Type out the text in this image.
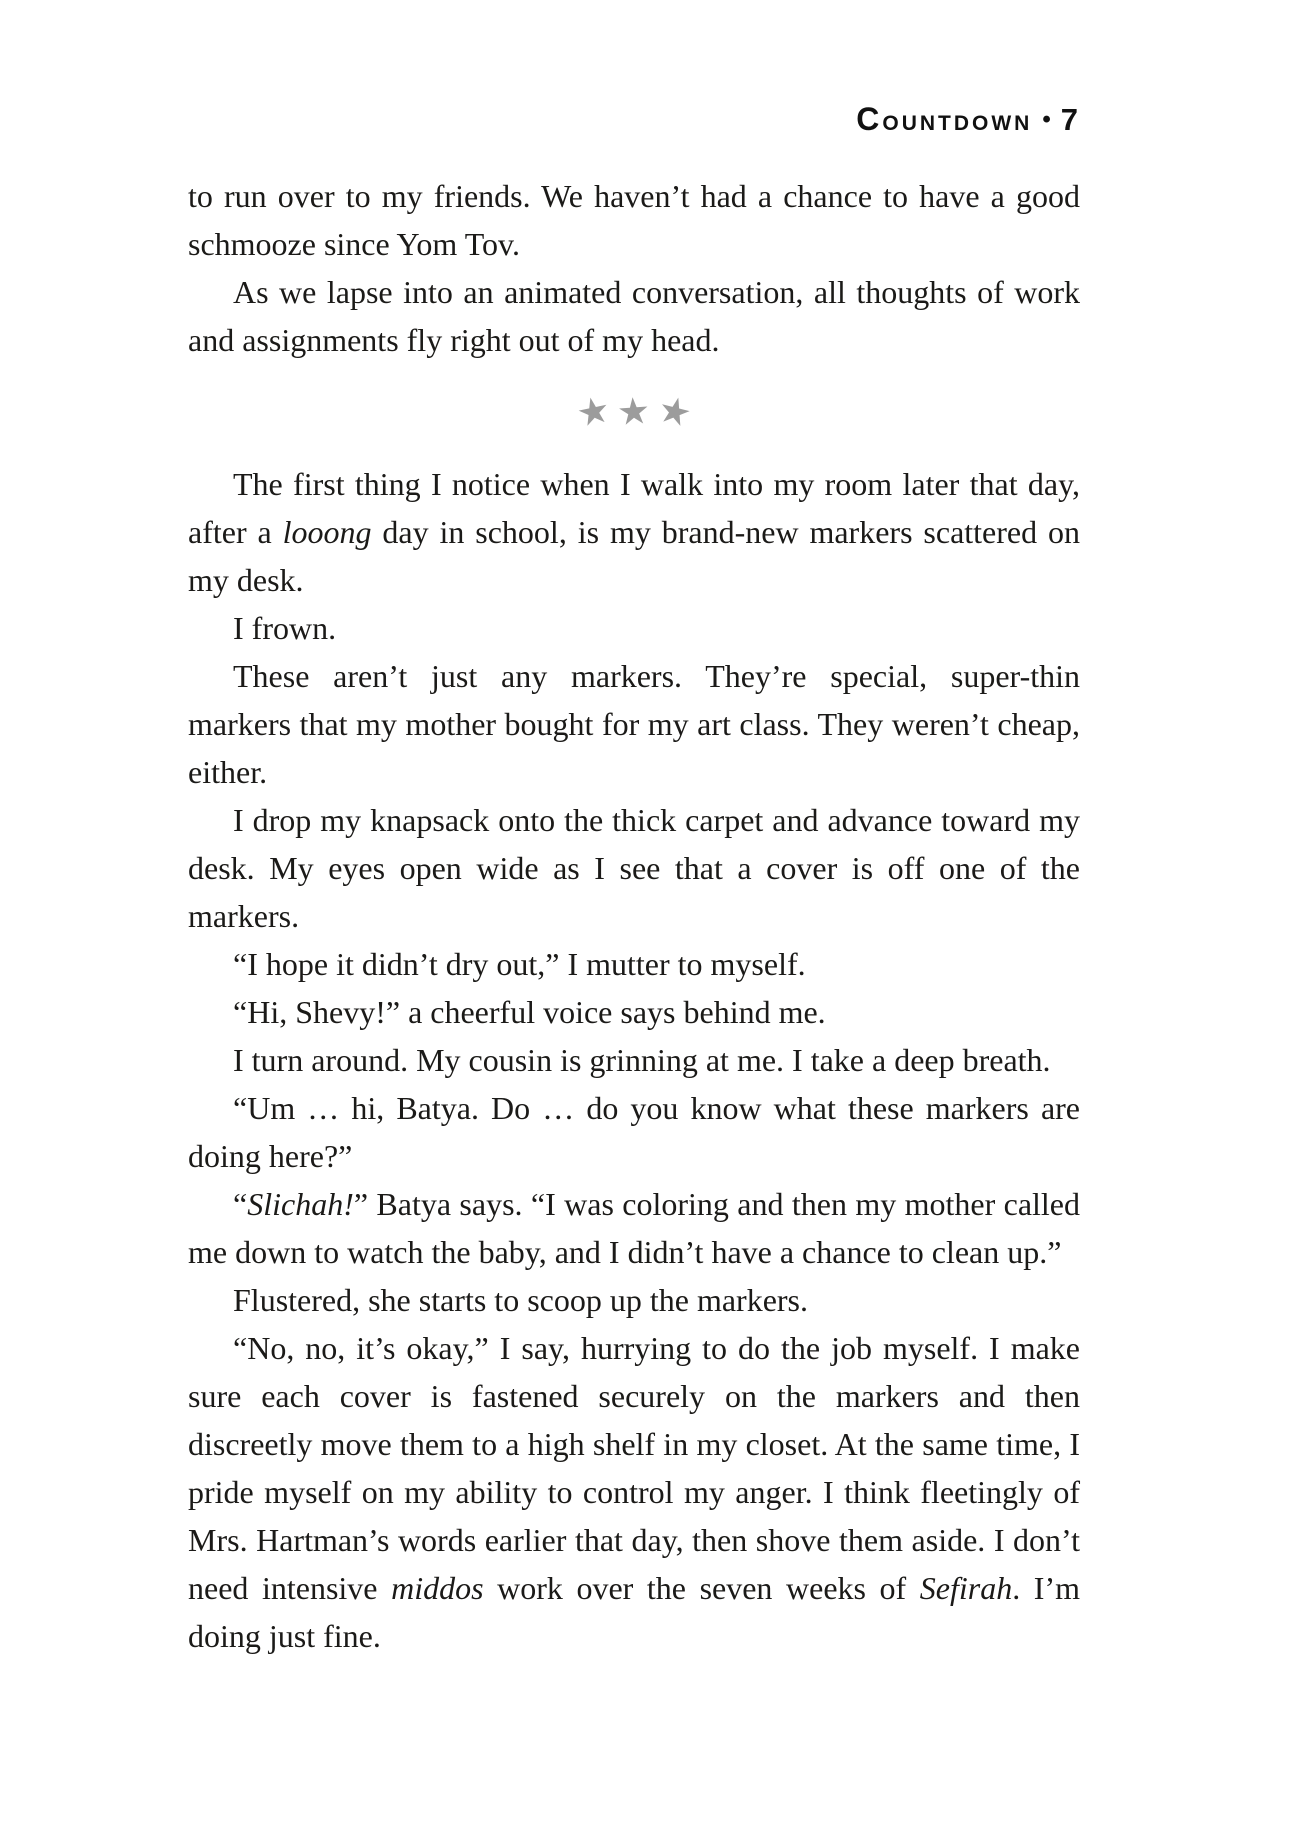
COUNTDOWN • 7

to run over to my friends. We haven’t had a chance to have a good schmooze since Yom Tov.

As we lapse into an animated conversation, all thoughts of work and assignments fly right out of my head.

★ ★ ★

The first thing I notice when I walk into my room later that day, after a looong day in school, is my brand-new markers scattered on my desk.

I frown.

These aren’t just any markers. They’re special, super-thin markers that my mother bought for my art class. They weren’t cheap, either.

I drop my knapsack onto the thick carpet and advance toward my desk. My eyes open wide as I see that a cover is off one of the markers.

“I hope it didn’t dry out,” I mutter to myself.

“Hi, Shevy!” a cheerful voice says behind me.

I turn around. My cousin is grinning at me. I take a deep breath.

“Um … hi, Batya. Do … do you know what these markers are doing here?”

“Slichah!” Batya says. “I was coloring and then my mother called me down to watch the baby, and I didn’t have a chance to clean up.”

Flustered, she starts to scoop up the markers.

“No, no, it’s okay,” I say, hurrying to do the job myself. I make sure each cover is fastened securely on the markers and then discreetly move them to a high shelf in my closet. At the same time, I pride myself on my ability to control my anger. I think fleetingly of Mrs. Hartman’s words earlier that day, then shove them aside. I don’t need intensive middos work over the seven weeks of Sefirah. I’m doing just fine.
